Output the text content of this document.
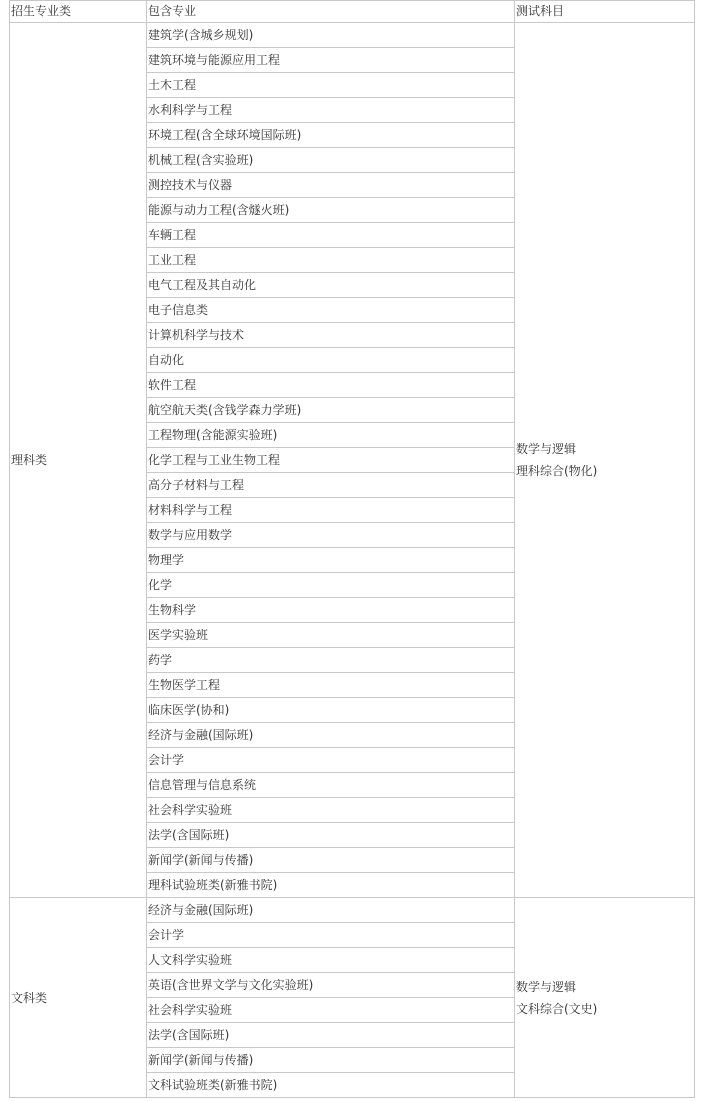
招生专业类	包含专业	测试科目
理科类	建筑学(含城乡规划)	数学与逻辑
理科综合(物化)

	建筑环境与能源应用工程	
	土木工程	
	水利科学与工程	
	环境工程(含全球环境国际班)	
	机械工程(含实验班)	
	测控技术与仪器	
	能源与动力工程(含燧火班)	
	车辆工程	
	工业工程	
	电气工程及其自动化	
	电子信息类	
	计算机科学与技术	
	自动化	
	软件工程	
	航空航天类(含钱学森力学班)	
	工程物理(含能源实验班)	
	化学工程与工业生物工程	
	高分子材料与工程	
	材料科学与工程	
	数学与应用数学	
	物理学	
	化学	
	生物科学	
	医学实验班	
	药学	
	生物医学工程	
	临床医学(协和)	
	经济与金融(国际班)	
	会计学	
	信息管理与信息系统	
	社会科学实验班	
	法学(含国际班)	
	新闻学(新闻与传播)	
	理科试验班类(新雅书院)	
文科类	经济与金融(国际班)	数学与逻辑
文科综合(文史)

	会计学	
	人文科学实验班	
	英语(含世界文学与文化实验班)	
	社会科学实验班	
	法学(含国际班)	
	新闻学(新闻与传播)	
	文科试验班类(新雅书院)	
